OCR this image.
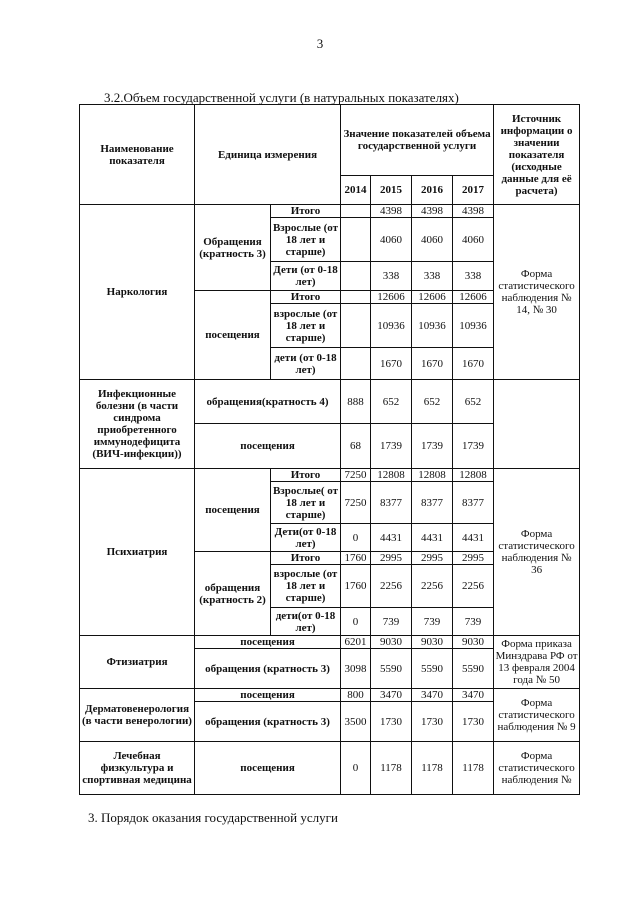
3
3.2.Объем государственной услуги (в натуральных показателях)
Наименование показателя	Единица измерения		Значение показателей объема государственной услуги				Источник информации о значении показателя (исходные данные для её расчета)
			2014	2015	2016	2017	
Наркология	Обращения (кратность 3)	Итого		4398	4398	4398	Форма статистического наблюдения № 14, № 30
		Взрослые (от 18 лет и старше)		4060	4060	4060	
		Дети (от 0-18 лет)		338	338	338	
	посещения	Итого		12606	12606	12606	
		взрослые (от 18 лет и старше)		10936	10936	10936	
		дети (от 0-18 лет)		1670	1670	1670	
Инфекционные болезни (в части синдрома приобретенного иммунодефицита (ВИЧ-инфекции))	обращения(кратность 4)		888	652	652	652	
	посещения		68	1739	1739	1739	
Психиатрия	посещения	Итого	7250	12808	12808	12808	Форма статистического наблюдения № 36
		Взрослые( от 18 лет и старше)	7250	8377	8377	8377	
		Дети(от 0-18 лет)	0	4431	4431	4431	
	обращения (кратность 2)	Итого	1760	2995	2995	2995	
		взрослые (от 18 лет и старше)	1760	2256	2256	2256	
		дети(от 0-18 лет)	0	739	739	739	
Фтизиатрия	посещения		6201	9030	9030	9030	Форма приказа Минздрава РФ от 13 февраля 2004 года № 50
	обращения (кратность 3)		3098	5590	5590	5590	
Дерматовенерология (в части венерологии)	посещения		800	3470	3470	3470	Форма статистического наблюдения № 9
	обращения (кратность 3)		3500	1730	1730	1730	
Лечебная физкультура и спортивная медицина	посещения		0	1178	1178	1178	Форма статистического наблюдения №
3. Порядок оказания государственной услуги
